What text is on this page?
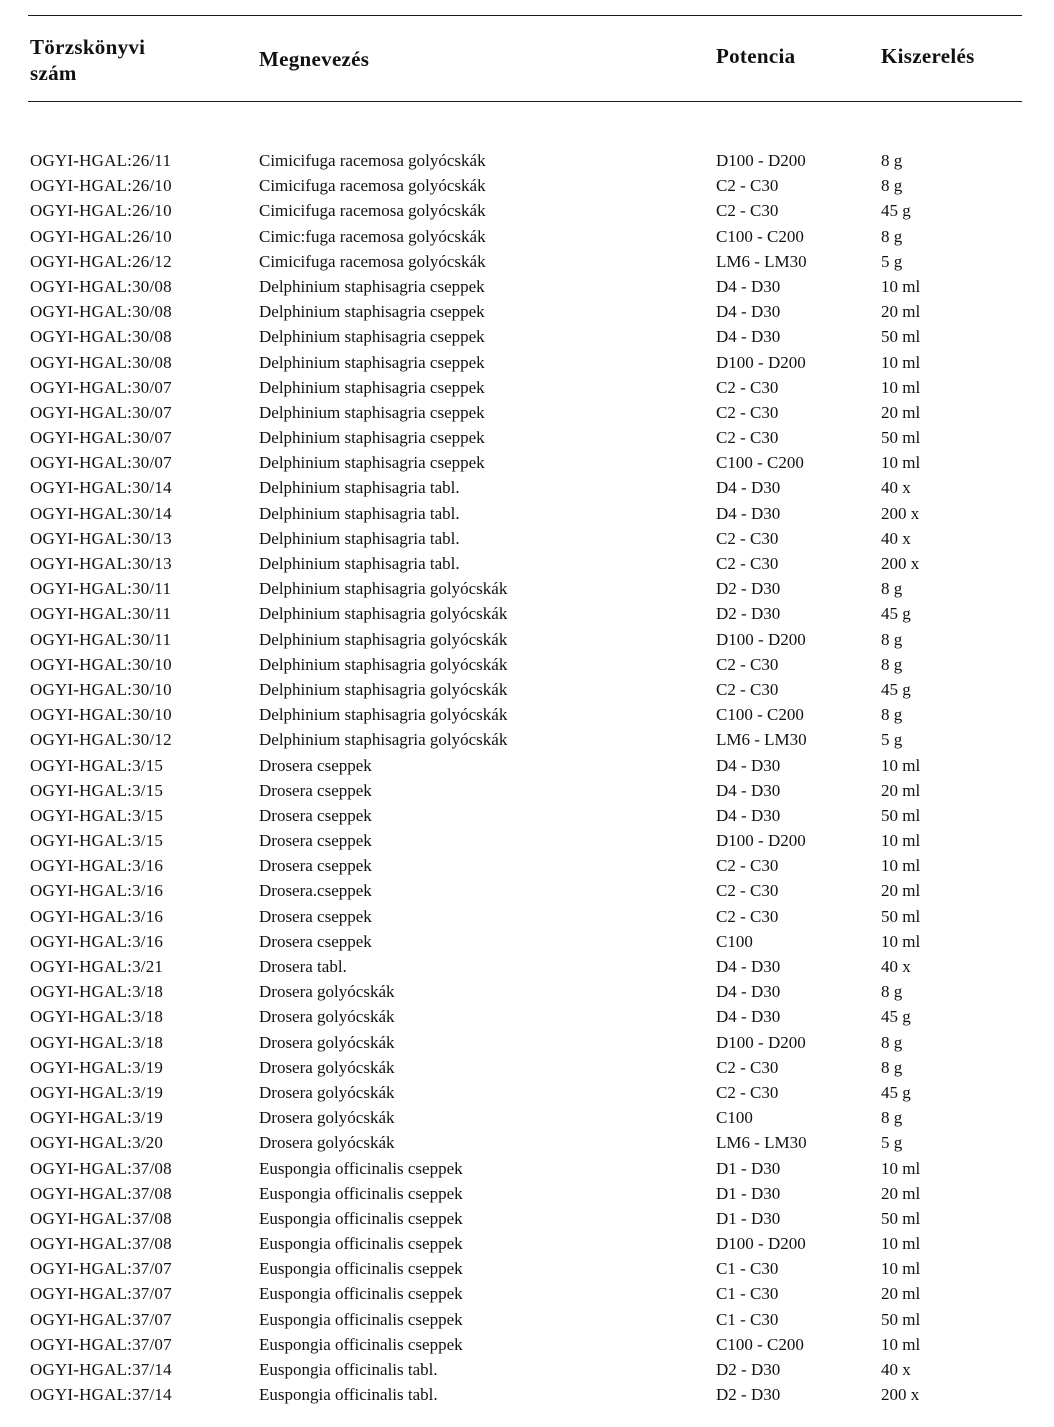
Törzskönyvi
szám
Megnevezés	Potencia	Kiszerelés
OGYI-HGAL:26/11	Cimicifuga racemosa golyócskák	D100 - D200	8 g
OGYI-HGAL:26/10	Cimicifuga racemosa golyócskák	C2 - C30	8 g
OGYI-HGAL:26/10	Cimicifuga racemosa golyócskák	C2 - C30	45 g
OGYI-HGAL:26/10	Cimic:fuga racemosa golyócskák	C100 - C200	8 g
OGYI-HGAL:26/12	Cimicifuga racemosa golyócskák	LM6 - LM30	5 g
OGYI-HGAL:30/08	Delphinium staphisagria cseppek	D4 - D30	10 ml
OGYI-HGAL:30/08	Delphinium staphisagria cseppek	D4 - D30	20 ml
OGYI-HGAL:30/08	Delphinium staphisagria cseppek	D4 - D30	50 ml
OGYI-HGAL:30/08	Delphinium staphisagria cseppek	D100 - D200	10 ml
OGYI-HGAL:30/07	Delphinium staphisagria cseppek	C2 - C30	10 ml
OGYI-HGAL:30/07	Delphinium staphisagria cseppek	C2 - C30	20 ml
OGYI-HGAL:30/07	Delphinium staphisagria cseppek	C2 - C30	50 ml
OGYI-HGAL:30/07	Delphinium staphisagria cseppek	C100 - C200	10 ml
OGYI-HGAL:30/14	Delphinium staphisagria tabl.	D4 - D30	40 x
OGYI-HGAL:30/14	Delphinium staphisagria tabl.	D4 - D30	200 x
OGYI-HGAL:30/13	Delphinium staphisagria tabl.	C2 - C30	40 x
OGYI-HGAL:30/13	Delphinium staphisagria tabl.	C2 - C30	200 x
OGYI-HGAL:30/11	Delphinium staphisagria golyócskák	D2 - D30	8 g
OGYI-HGAL:30/11	Delphinium staphisagria golyócskák	D2 - D30	45 g
OGYI-HGAL:30/11	Delphinium staphisagria golyócskák	D100 - D200	8 g
OGYI-HGAL:30/10	Delphinium staphisagria golyócskák	C2 - C30	8 g
OGYI-HGAL:30/10	Delphinium staphisagria golyócskák	C2 - C30	45 g
OGYI-HGAL:30/10	Delphinium staphisagria golyócskák	C100 - C200	8 g
OGYI-HGAL:30/12	Delphinium staphisagria golyócskák	LM6 - LM30	5 g
OGYI-HGAL:3/15	Drosera cseppek	D4 - D30	10 ml
OGYI-HGAL:3/15	Drosera cseppek	D4 - D30	20 ml
OGYI-HGAL:3/15	Drosera cseppek	D4 - D30	50 ml
OGYI-HGAL:3/15	Drosera cseppek	D100 - D200	10 ml
OGYI-HGAL:3/16	Drosera cseppek	C2 - C30	10 ml
OGYI-HGAL:3/16	Drosera.cseppek	C2 - C30	20 ml
OGYI-HGAL:3/16	Drosera cseppek	C2 - C30	50 ml
OGYI-HGAL:3/16	Drosera cseppek	C100	10 ml
OGYI-HGAL:3/21	Drosera tabl.	D4 - D30	40 x
OGYI-HGAL:3/18	Drosera golyócskák	D4 - D30	8 g
OGYI-HGAL:3/18	Drosera golyócskák	D4 - D30	45 g
OGYI-HGAL:3/18	Drosera golyócskák	D100 - D200	8 g
OGYI-HGAL:3/19	Drosera golyócskák	C2 - C30	8 g
OGYI-HGAL:3/19	Drosera golyócskák	C2 - C30	45 g
OGYI-HGAL:3/19	Drosera golyócskák	C100	8 g
OGYI-HGAL:3/20	Drosera golyócskák	LM6 - LM30	5 g
OGYI-HGAL:37/08	Euspongia officinalis cseppek	D1 - D30	10 ml
OGYI-HGAL:37/08	Euspongia officinalis cseppek	D1 - D30	20 ml
OGYI-HGAL:37/08	Euspongia officinalis cseppek	D1 - D30	50 ml
OGYI-HGAL:37/08	Euspongia officinalis cseppek	D100 - D200	10 ml
OGYI-HGAL:37/07	Euspongia officinalis cseppek	C1 - C30	10 ml
OGYI-HGAL:37/07	Euspongia officinalis cseppek	C1 - C30	20 ml
OGYI-HGAL:37/07	Euspongia officinalis cseppek	C1 - C30	50 ml
OGYI-HGAL:37/07	Euspongia officinalis cseppek	C100 - C200	10 ml
OGYI-HGAL:37/14	Euspongia officinalis tabl.	D2 - D30	40 x
OGYI-HGAL:37/14	Euspongia officinalis tabl.	D2 - D30	200 x
